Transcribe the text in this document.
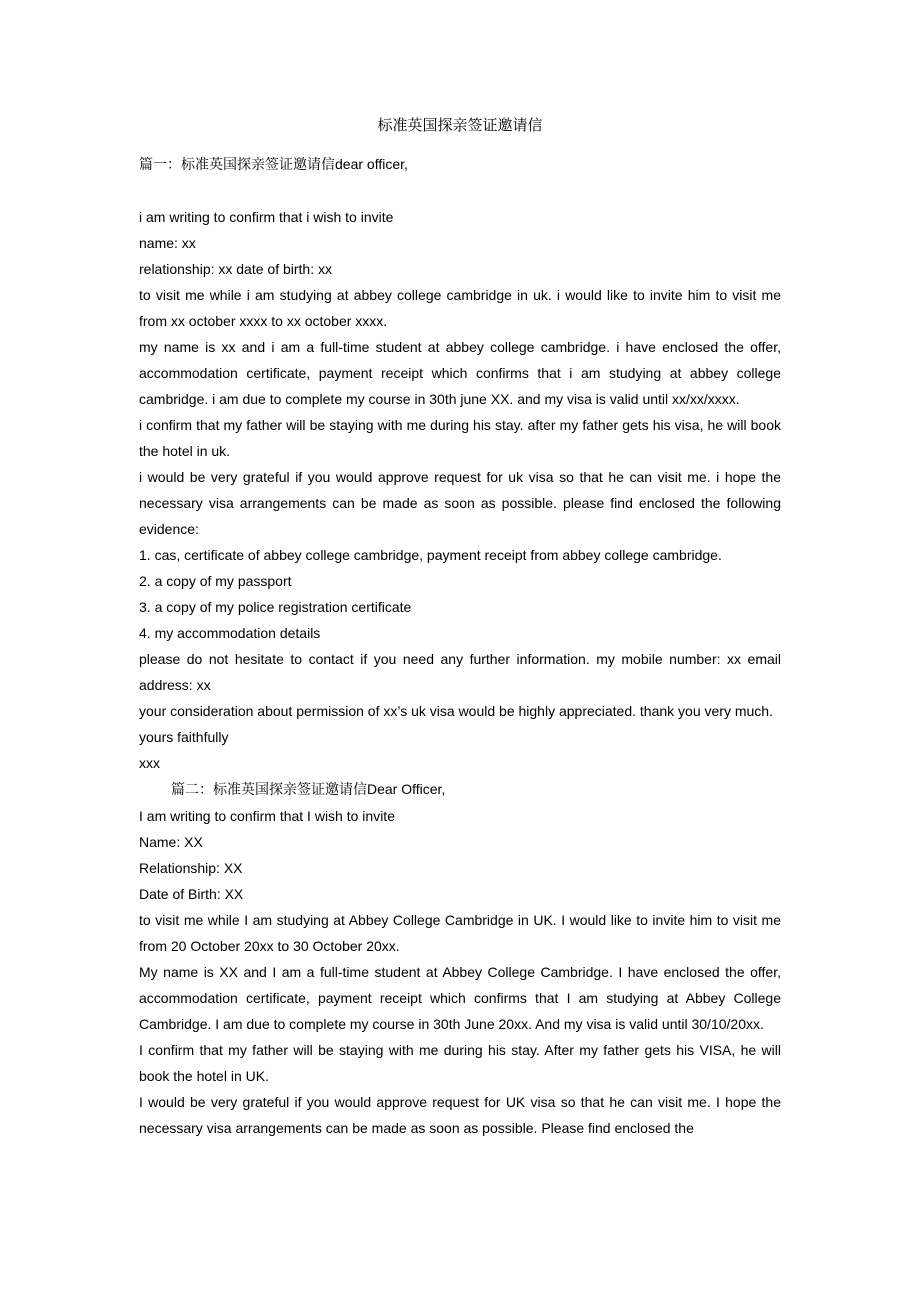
标准英国探亲签证邀请信

篇一：标准英国探亲签证邀请信dear officer,

i am writing to confirm that i wish to invite

name: xx

relationship: xx date of birth: xx

to visit me while i am studying at abbey college cambridge in uk. i would like to invite him to visit me from xx october xxxx to xx october xxxx.

my name is xx and i am a full-time student at abbey college cambridge. i have enclosed the offer, accommodation certificate, payment receipt which confirms that i am studying at abbey college cambridge. i am due to complete my course in 30th june XX. and my visa is valid until xx/xx/xxxx.

i confirm that my father will be staying with me during his stay. after my father gets his visa, he will book the hotel in uk.

i would be very grateful if you would approve request for uk visa so that he can visit me. i hope the necessary visa arrangements can be made as soon as possible. please find enclosed the following evidence:

1. cas, certificate of abbey college cambridge, payment receipt from abbey college cambridge.

2. a copy of my passport

3. a copy of my police registration certificate

4. my accommodation details

please do not hesitate to contact if you need any further information. my mobile number: xx email address: xx

your consideration about permission of xx’s uk visa would be highly appreciated. thank you very much.

yours faithfully

xxx

篇二：标准英国探亲签证邀请信Dear Officer,

I am writing to confirm that I wish to invite

Name: XX

Relationship: XX

Date of Birth: XX

to visit me while I am studying at Abbey College Cambridge in UK. I would like to invite him to visit me from 20 October 20xx to 30 October 20xx.

My name is XX and I am a full-time student at Abbey College Cambridge. I have enclosed the offer, accommodation certificate, payment receipt which confirms that I am studying at Abbey College Cambridge. I am due to complete my course in 30th June 20xx. And my visa is valid until 30/10/20xx.

I confirm that my father will be staying with me during his stay. After my father gets his VISA, he will book the hotel in UK.

I would be very grateful if you would approve request for UK visa so that he can visit me. I hope the necessary visa arrangements can be made as soon as possible. Please find enclosed the
